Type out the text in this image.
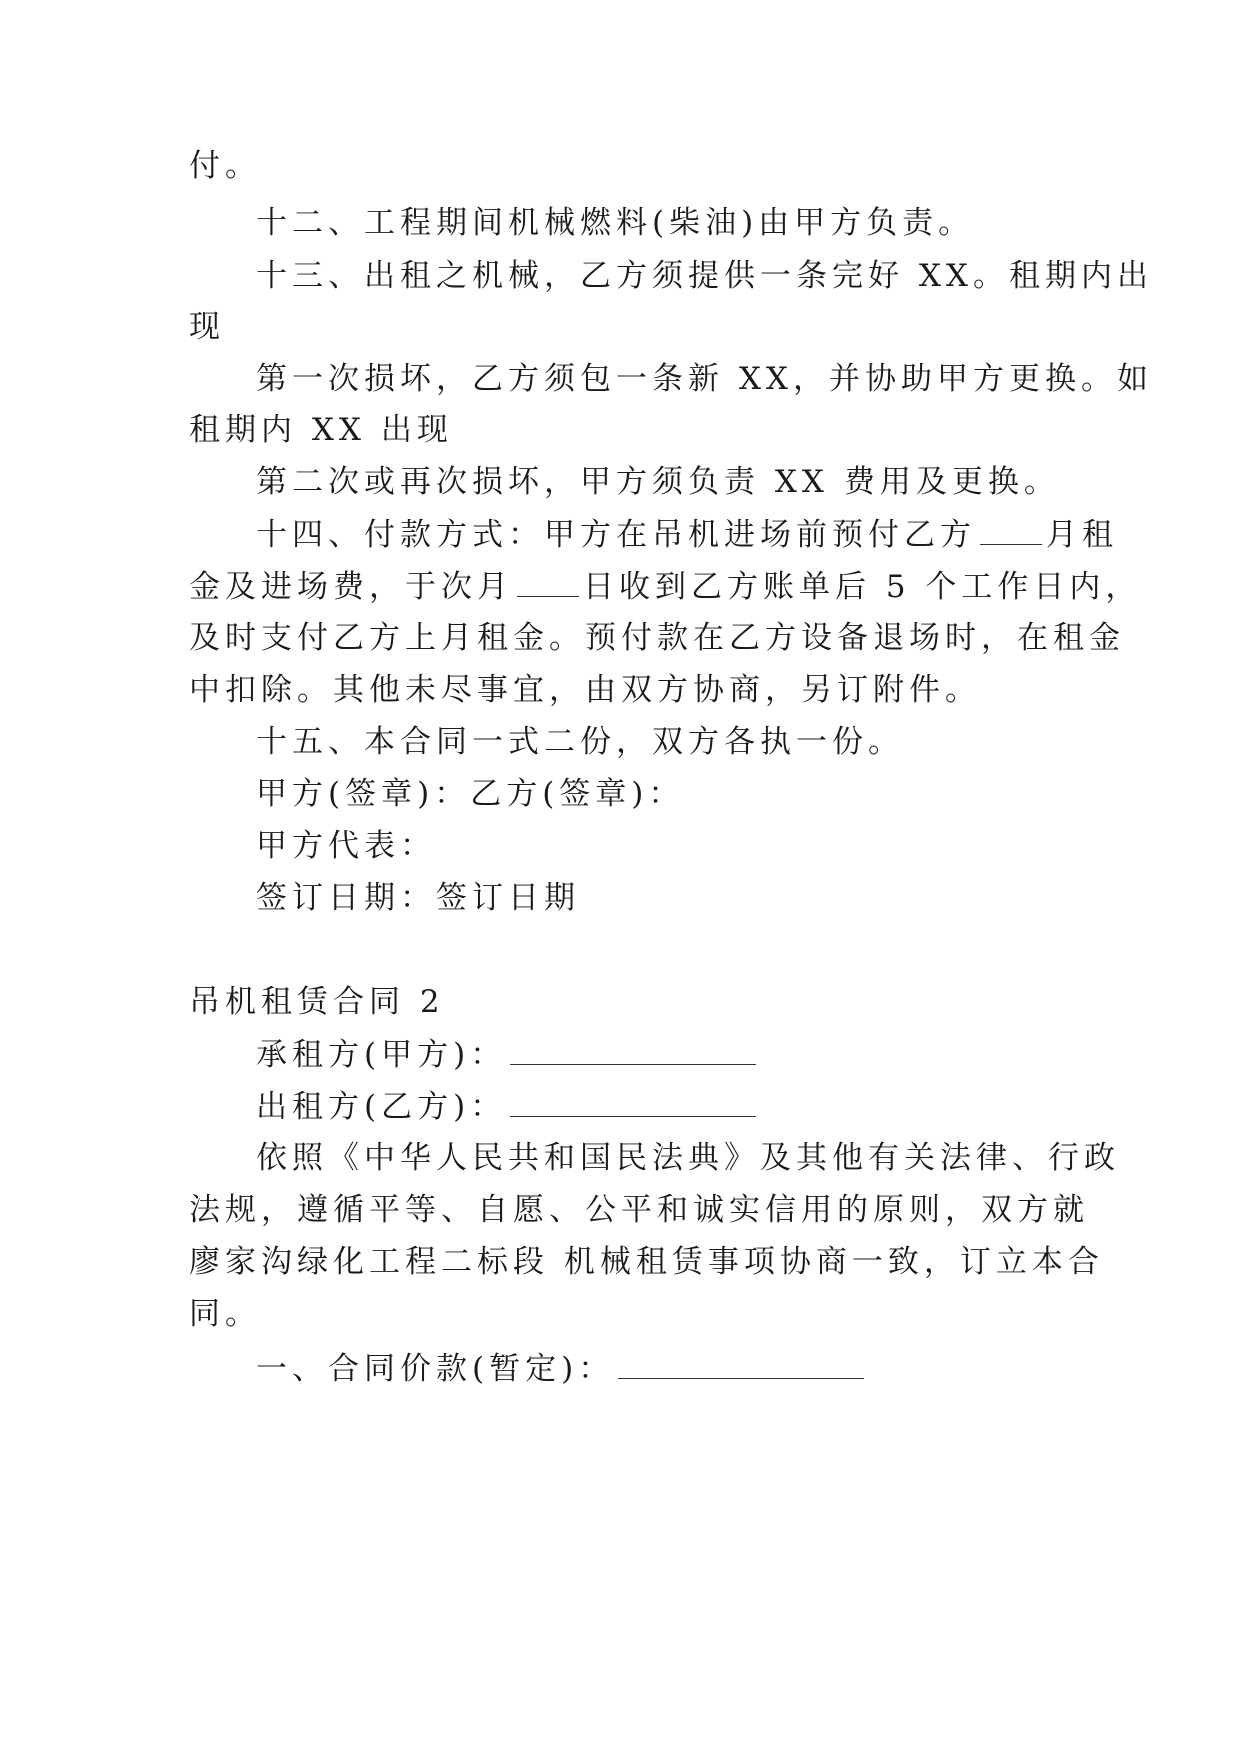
付。
十二、工程期间机械燃料(柴油)由甲方负责。
十三、出租之机械，乙方须提供一条完好 XX。租期内出
现
第一次损坏，乙方须包一条新 XX，并协助甲方更换。如
租期内 XX 出现
第二次或再次损坏，甲方须负责 XX 费用及更换。
十四、付款方式：甲方在吊机进场前预付乙方 月租
金及进场费，于次月 日收到乙方账单后 5 个工作日内，
及时支付乙方上月租金。预付款在乙方设备退场时，在租金
中扣除。其他未尽事宜，由双方协商，另订附件。
十五、本合同一式二份，双方各执一份。
甲方(签章)：乙方(签章)：
甲方代表：
签订日期：签订日期
吊机租赁合同 2
承租方(甲方)：
出租方(乙方)：
依照《中华人民共和国民法典》及其他有关法律、行政
法规，遵循平等、自愿、公平和诚实信用的原则，双方就
廖家沟绿化工程二标段 机械租赁事项协商一致，订立本合
同。
一、合同价款(暂定)：
